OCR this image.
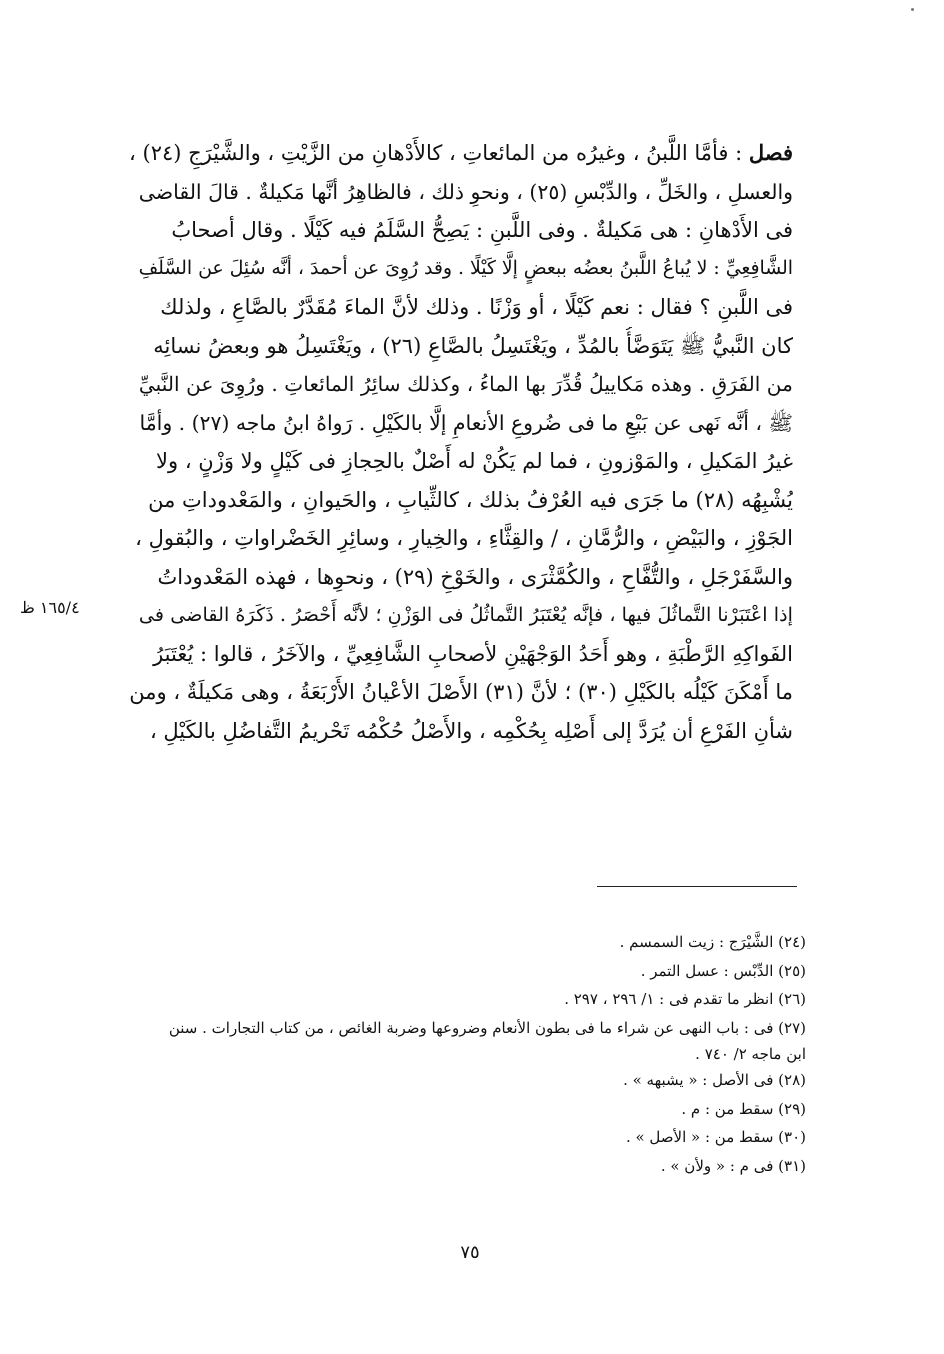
فصل : فأمَّا اللَّبنُ ، وغيرُه من المائعاتِ ، كالأَدْهانِ من الزَّيْتِ ، والشَّيْرَجِ (٢٤) ،
والعسلِ ، والخَلِّ ، والدِّبْسِ (٢٥) ، ونحوِ ذلك ، فالظاهِرُ أنَّها مَكيلةٌ . قالَ القاضى
فى الأَدْهانِ : هى مَكيلةٌ . وفى اللَّبنِ : يَصِحُّ السَّلَمُ فيه كَيْلًا . وقال أصحابُ
الشَّافِعِيِّ : لا يُباعُ اللَّبنُ بعضُه ببعضٍ إلَّا كَيْلًا . وقد رُوِىَ عن أحمدَ ، أنَّه سُئِلَ عن السَّلَفِ
فى اللَّبنِ ؟ فقال : نعم كَيْلًا ، أو وَزْنًا . وذلك لأنَّ الماءَ مُقَدَّرٌ بالصَّاعِ ، ولذلك
كان النَّبيُّ ﷺ يَتَوَضَّأُ بالمُدِّ ، ويَغْتَسِلُ بالصَّاعِ (٢٦) ، ويَغْتَسِلُ هو وبعضُ نسائِه
من الفَرَقِ . وهذه مَكاييلُ قُدِّرَ بها الماءُ ، وكذلك سائِرُ المائعاتِ . ورُوِىَ عن النَّبيِّ
ﷺ ، أنَّه نَهى عن بَيْعِ ما فى ضُروعِ الأنعامِ إلَّا بالكَيْلِ . رَواهُ ابنُ ماجه (٢٧) . وأمَّا
غيرُ المَكيلِ ، والمَوْزونِ ، فما لم يَكُنْ له أَصْلٌ بالحِجازِ فى كَيْلٍ ولا وَزْنٍ ، ولا
يُشْبِهُه (٢٨) ما جَرَى فيه العُرْفُ بذلك ، كالثِّيابِ ، والحَيوانِ ، والمَعْدوداتِ من
الجَوْزِ ، والبَيْضِ ، والرُّمَّانِ ، / والقِثَّاءِ ، والخِيارِ ، وسائِرِ الخَضْراواتِ ، والبُقولِ ،
والسَّفَرْجَلِ ، والتُّفَّاحِ ، والكُمَّثْرَى ، والخَوْخِ (٢٩) ، ونحوِها ، فهذه المَعْدوداتُ
إذا اعْتَبَرْنا التَّماثُلَ فيها ، فإنَّه يُعْتَبَرُ التَّماثُلُ فى الوَزْنِ ؛ لأنَّه أَحْصَرُ . ذَكَرَهُ القاضى فى
الفَواكِهِ الرَّطْبَةِ ، وهو أَحَدُ الوَجْهَيْنِ لأصحابِ الشَّافِعِيِّ ، والآخَرُ ، قالوا : يُعْتَبَرُ
ما أَمْكَنَ كَيْلُه بالكَيْلِ (٣٠) ؛ لأنَّ (٣١) الأَصْلَ الأعْيانُ الأَرْبَعَةُ ، وهى مَكيلَةٌ ، ومن
شأنِ الفَرْعِ أن يُرَدَّ إلى أَصْلِه بِحُكْمِه ، والأَصْلُ حُكْمُه تَحْريمُ التَّفاضُلِ بالكَيْلِ ،
١٦٥/٤ ظ
(٢٤) الشَّيْرَج : زيت السمسم .
(٢٥) الدِّبْس : عسل التمر .
(٢٦) انظر ما تقدم فى : ١/ ٢٩٦ ، ٢٩٧ .
(٢٧) فى : باب النهى عن شراء ما فى بطون الأنعام وضروعها وضربة الغائص ، من كتاب التجارات . سنن
ابن ماجه ٢/ ٧٤٠ .
(٢٨) فى الأصل : « يشبهه » .
(٢٩) سقط من : م .
(٣٠) سقط من : « الأصل » .
(٣١) فى م : « ولأن » .
٧٥
